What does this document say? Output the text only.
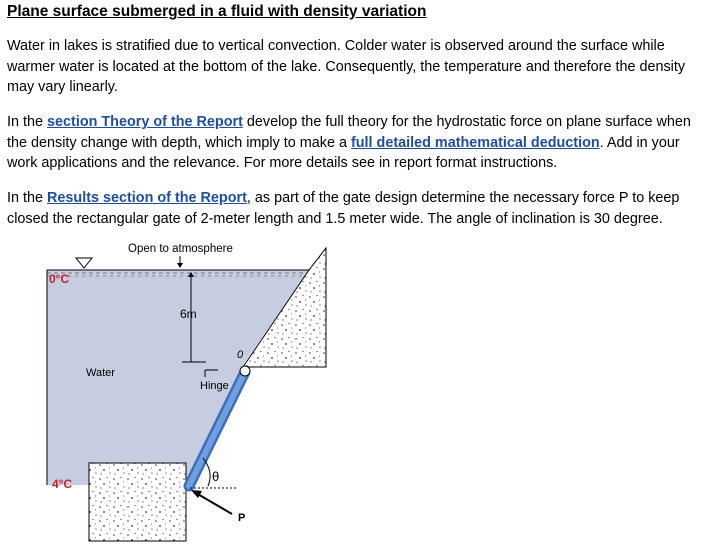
Plane surface submerged in a fluid with density variation
Water in lakes is stratified due to vertical convection. Colder water is observed around the surface while warmer water is located at the bottom of the lake. Consequently, the temperature and therefore the density may vary linearly.
In the section Theory of the Report develop the full theory for the hydrostatic force on plane surface when the density change with depth, which imply to make a full detailed mathematical deduction. Add in your work applications and the relevance. For more details see in report format instructions.
In the Results section of the Report, as part of the gate design determine the necessary force P to keep closed the rectangular gate of 2-meter length and 1.5 meter wide. The angle of inclination is 30 degree.
Open to atmosphere
0°C
4°C
6m
Water
Hinge
0
θ
P
